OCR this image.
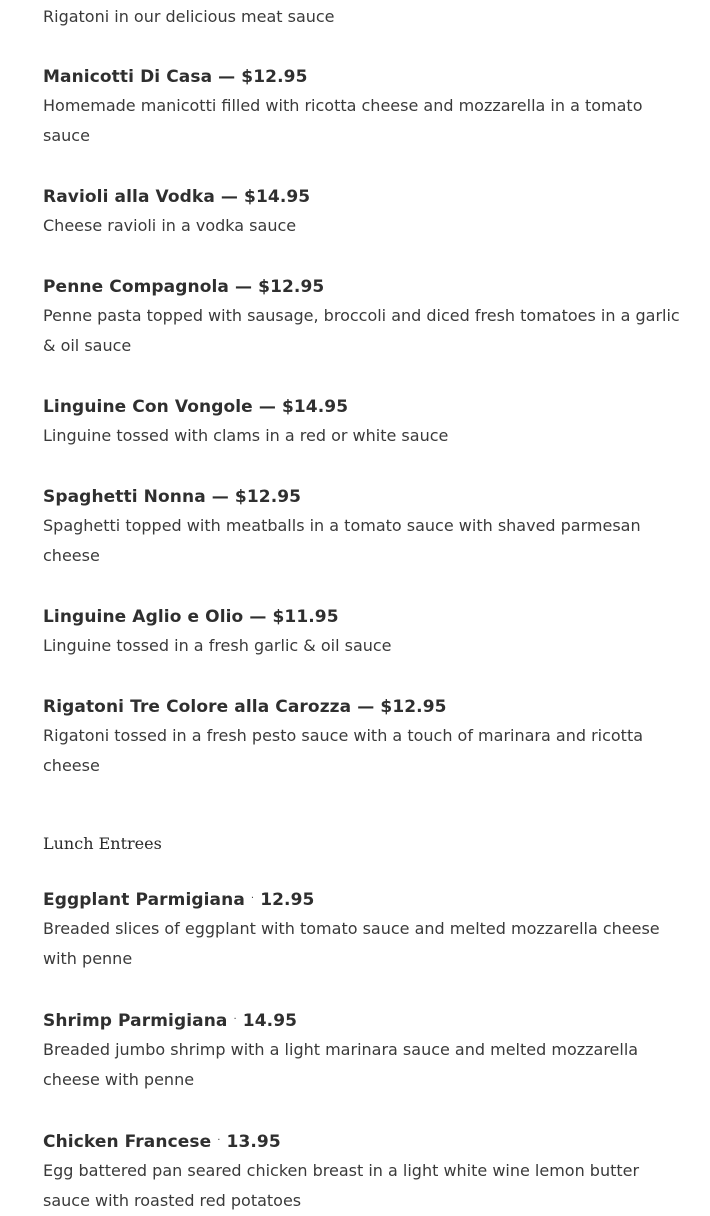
Rigatoni in our delicious meat sauce

Manicotti Di Casa — $12.95

Homemade manicotti filled with ricotta cheese and mozzarella in a tomato sauce

Ravioli alla Vodka — $14.95

Cheese ravioli in a vodka sauce

Penne Compagnola — $12.95

Penne pasta topped with sausage, broccoli and diced fresh tomatoes in a garlic & oil sauce

Linguine Con Vongole — $14.95

Linguine tossed with clams in a red or white sauce

Spaghetti Nonna — $12.95

Spaghetti topped with meatballs in a tomato sauce with shaved parmesan cheese

Linguine Aglio e Olio — $11.95

Linguine tossed in a fresh garlic & oil sauce

Rigatoni Tre Colore alla Carozza — $12.95

Rigatoni tossed in a fresh pesto sauce with a touch of marinara and ricotta cheese

Lunch Entrees

Eggplant Parmigiana · 12.95

Breaded slices of eggplant with tomato sauce and melted mozzarella cheese with penne

Shrimp Parmigiana · 14.95

Breaded jumbo shrimp with a light marinara sauce and melted mozzarella cheese with penne

Chicken Francese · 13.95

Egg battered pan seared chicken breast in a light white wine lemon butter sauce with roasted red potatoes
